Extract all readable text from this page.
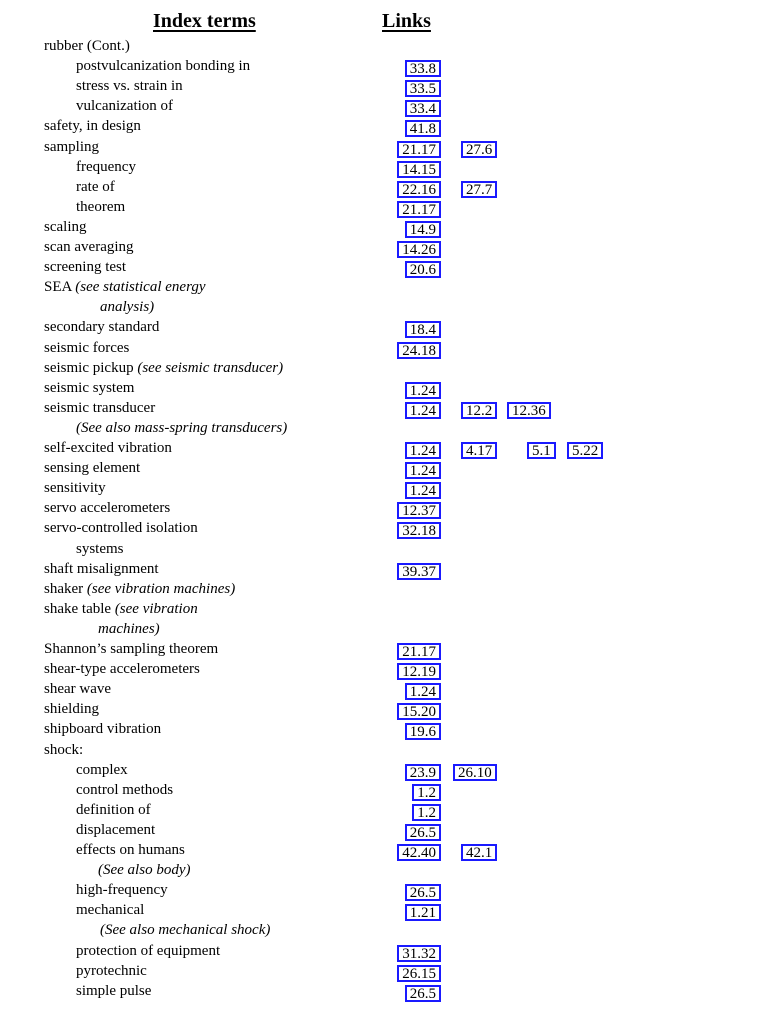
Index terms	Links
rubber (Cont.)
postvulcanization bonding in	33.8
stress vs. strain in	33.5
vulcanization of	33.4
safety, in design	41.8
sampling	21.17	27.6
frequency	14.15
rate of	22.16	27.7
theorem	21.17
scaling	14.9
scan averaging	14.26
screening test	20.6
SEA (see statistical energy
analysis)
secondary standard	18.4
seismic forces	24.18
seismic pickup (see seismic transducer)
seismic system	1.24
seismic transducer	1.24	12.2	12.36
(See also mass-spring transducers)
self-excited vibration	1.24	4.17	5.1	5.22
sensing element	1.24
sensitivity	1.24
servo accelerometers	12.37
servo-controlled isolation	32.18
systems
shaft misalignment	39.37
shaker (see vibration machines)
shake table (see vibration
machines)
Shannon’s sampling theorem	21.17
shear-type accelerometers	12.19
shear wave	1.24
shielding	15.20
shipboard vibration	19.6
shock:
complex	23.9	26.10
control methods	1.2
definition of	1.2
displacement	26.5
effects on humans	42.40	42.1
(See also body)
high-frequency	26.5
mechanical	1.21
(See also mechanical shock)
protection of equipment	31.32
pyrotechnic	26.15
simple pulse	26.5
